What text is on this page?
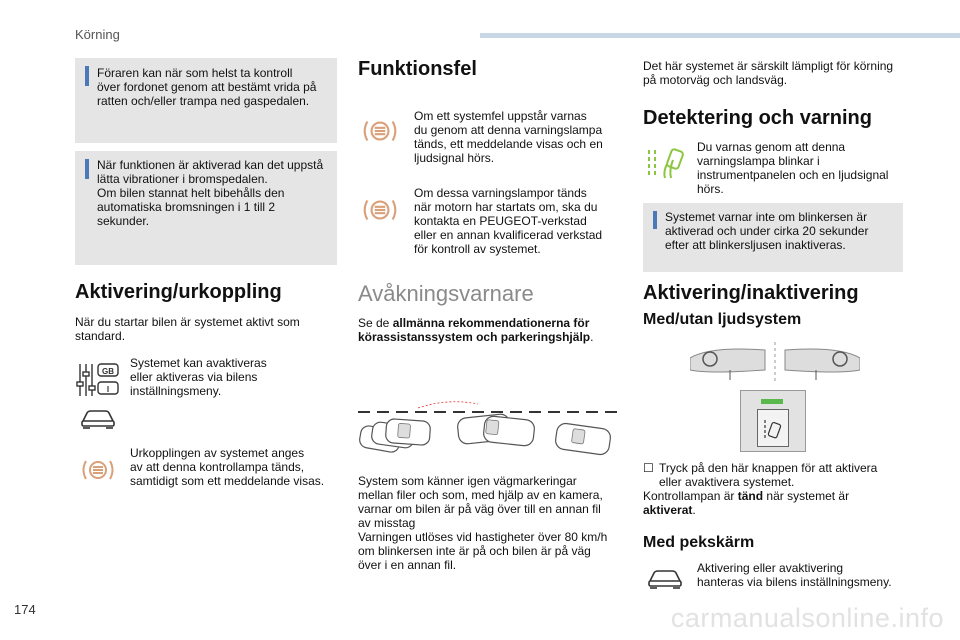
Körning
Föraren kan när som helst ta kontroll
över fordonet genom att bestämt vrida på
ratten och/eller trampa ned gaspedalen.
När funktionen är aktiverad kan det uppstå
lätta vibrationer i bromspedalen.
Om bilen stannat helt bibehålls den
automatiska bromsningen i 1 till 2
sekunder.
Aktivering/urkoppling
När du startar bilen är systemet aktivt som
standard.
GB
I
Systemet kan avaktiveras
eller aktiveras via bilens
inställningsmeny.
Urkopplingen av systemet anges
av att denna kontrollampa tänds,
samtidigt som ett meddelande visas.
Funktionsfel
Om ett systemfel uppstår varnas
du genom att denna varningslampa
tänds, ett meddelande visas och en
ljudsignal hörs.
Om dessa varningslampor tänds
när motorn har startats om, ska du
kontakta en PEUGEOT-verkstad
eller en annan kvalificerad verkstad
för kontroll av systemet.
Avåkningsvarnare
Se de allmänna rekommendationerna för
körassistanssystem och parkeringshjälp.
System som känner igen vägmarkeringar
mellan filer och som, med hjälp av en kamera,
varnar om bilen är på väg över till en annan fil
av misstag
Varningen utlöses vid hastigheter över 80 km/h
om blinkersen inte är på och bilen är på väg
över i en annan fil.
Det här systemet är särskilt lämpligt för körning
på motorväg och landsväg.
Detektering och varning
Du varnas genom att denna
varningslampa blinkar i
instrumentpanelen och en ljudsignal
hörs.
Systemet varnar inte om blinkersen är
aktiverad och under cirka 20 sekunder
efter att blinkersljusen inaktiveras.
Aktivering/inaktivering
Med/utan ljudsystem
☐ Tryck på den här knappen för att aktivera
eller avaktivera systemet.
Kontrollampan är tänd när systemet är
aktiverat.
Med pekskärm
Aktivering eller avaktivering
hanteras via bilens inställningsmeny.
174	carmanualsonline.info
